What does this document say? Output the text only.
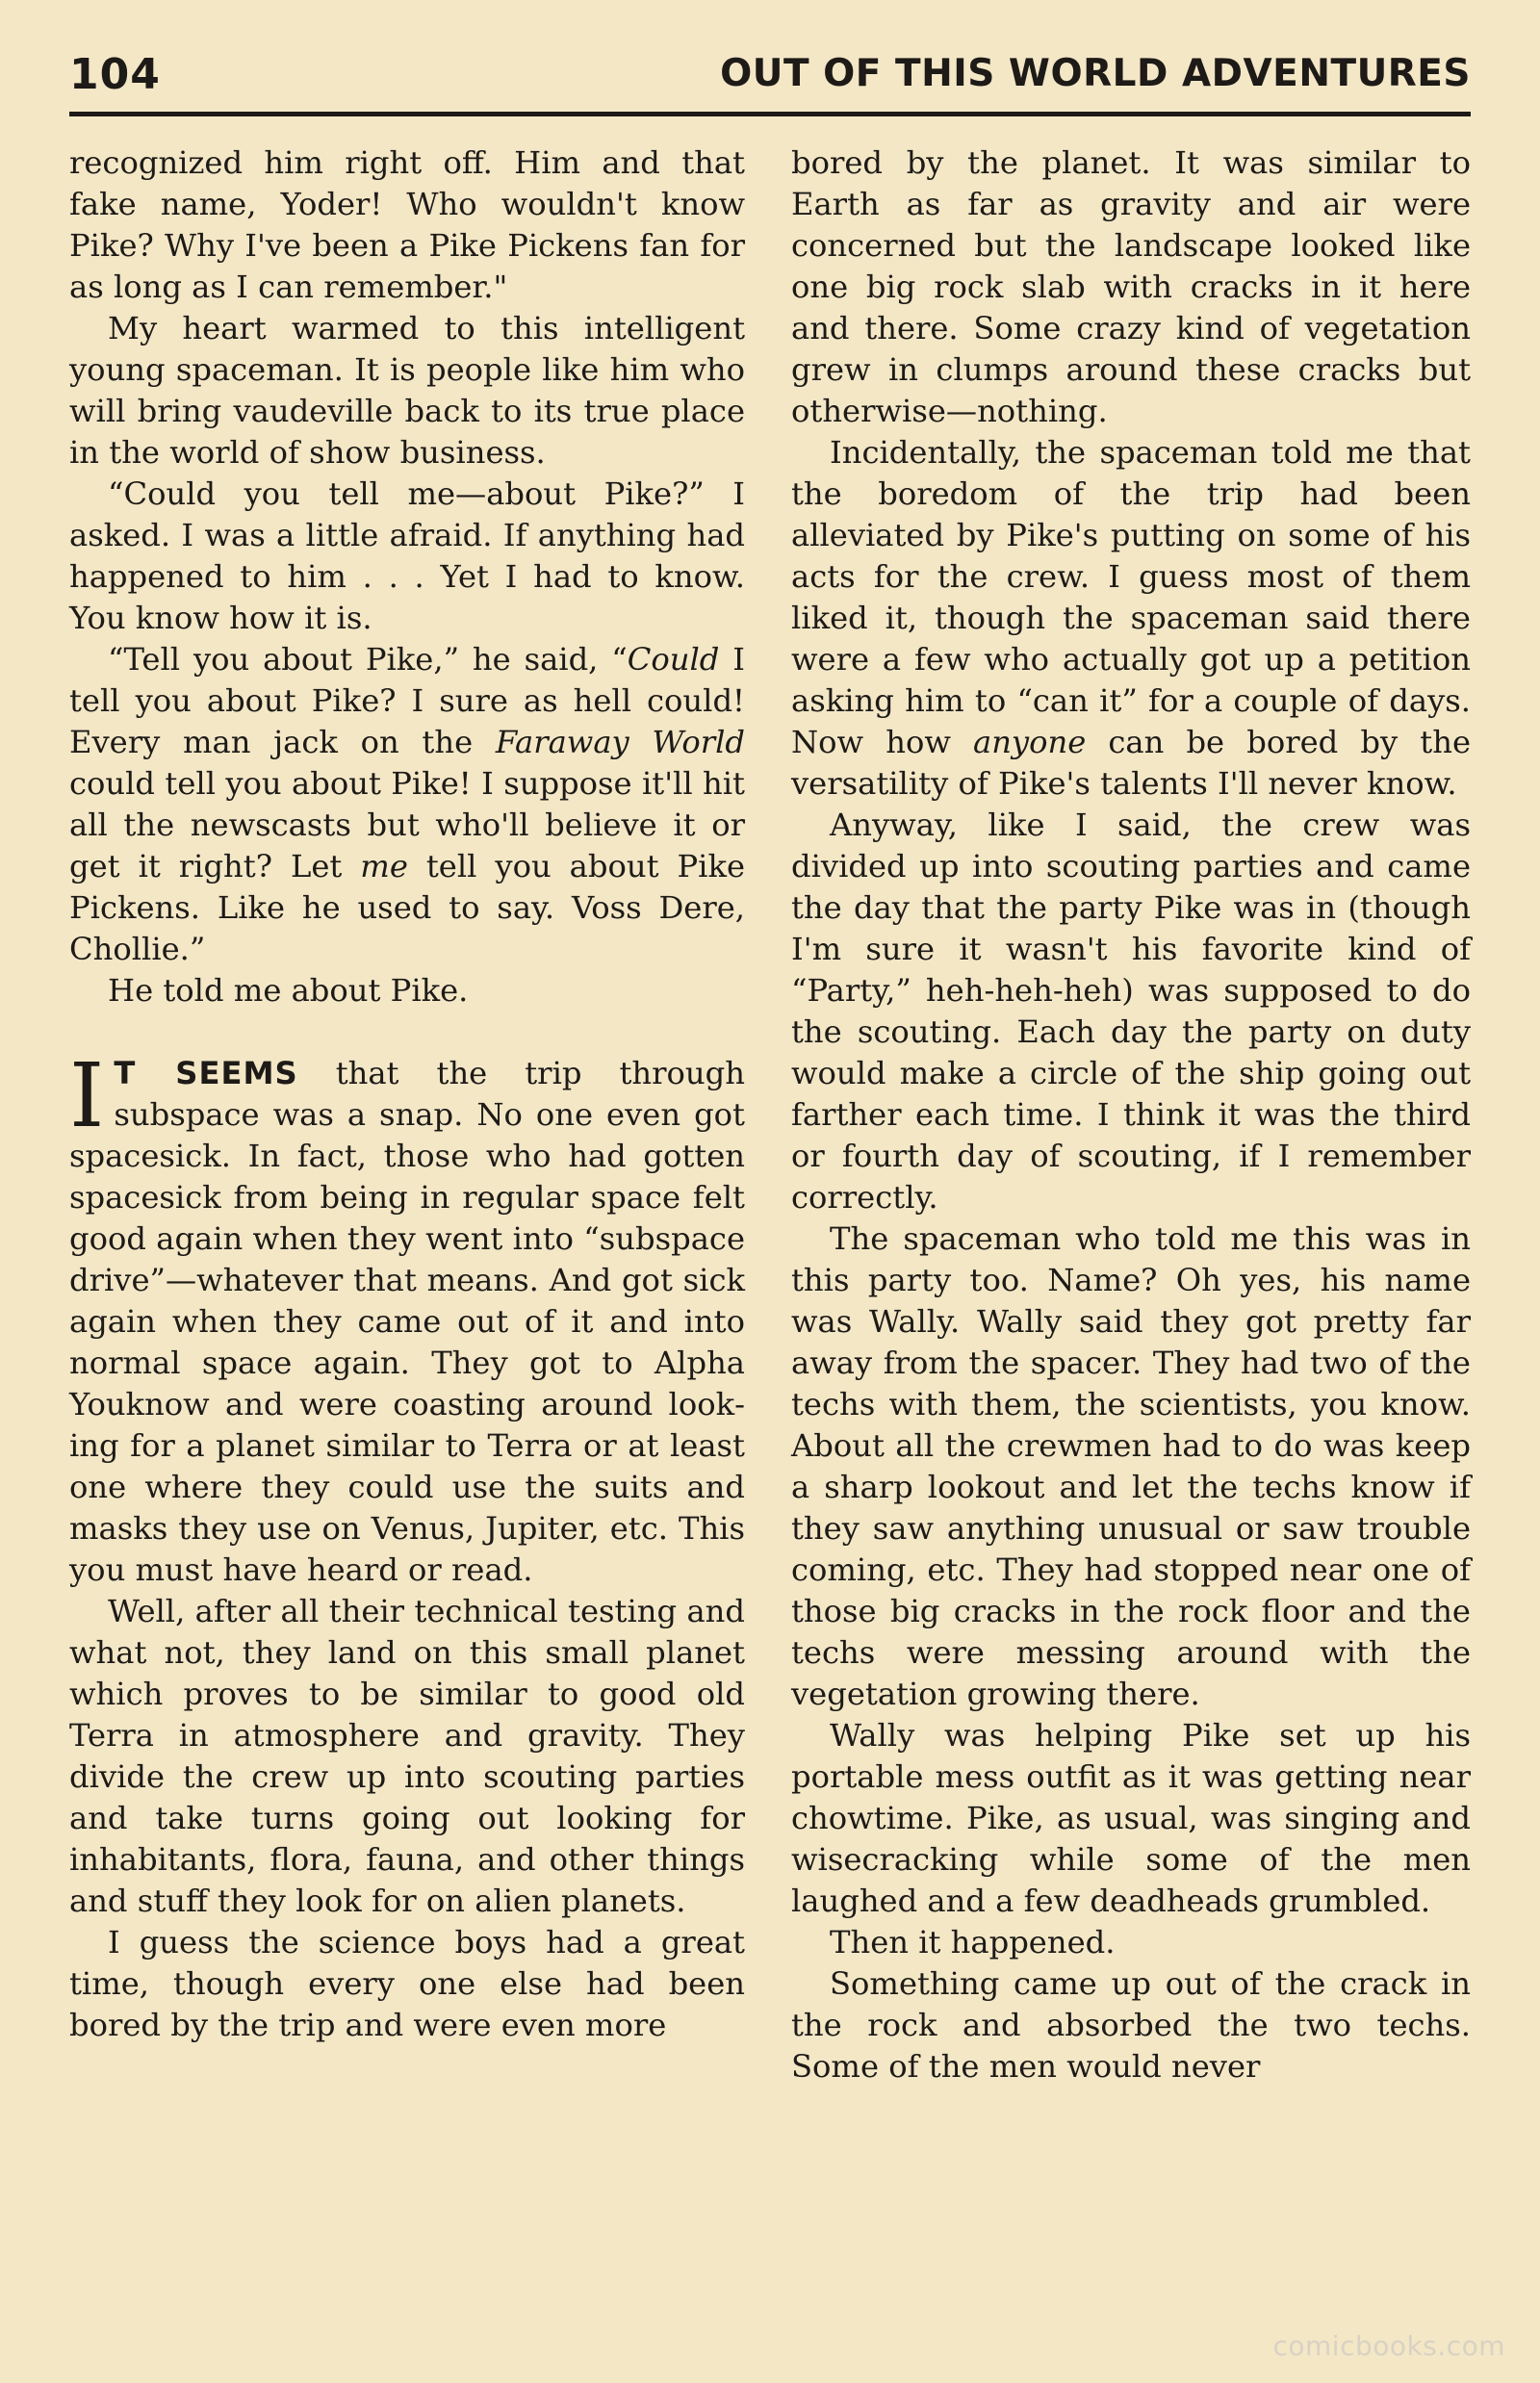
104	OUT OF THIS WORLD ADVENTURES

recognized him right off. Him and that fake name, Yoder! Who wouldn't know Pike? Why I've been a Pike Pickens fan for as long as I can remember."

My heart warmed to this intelligent young spaceman. It is people like him who will bring vaudeville back to its true place in the world of show business.

“Could you tell me—about Pike?” I asked. I was a little afraid. If anything had happened to him . . . Yet I had to know. You know how it is.

“Tell you about Pike,” he said, “Could I tell you about Pike? I sure as hell could! Every man jack on the Faraway World could tell you about Pike! I suppose it'll hit all the newscasts but who'll believe it or get it right? Let me tell you about Pike Pickens. Like he used to say. Voss Dere, Chollie.”

He told me about Pike.

I T SEEMS that the trip through subspace was a snap. No one even got spacesick. In fact, those who had gotten spacesick from being in regular space felt good again when they went into “subspace drive”—whatever that means. And got sick again when they came out of it and into normal space again. They got to Alpha Youknow and were coasting around looking for a planet similar to Terra or at least one where they could use the suits and masks they use on Venus, Jupiter, etc. This you must have heard or read.

Well, after all their technical testing and what not, they land on this small planet which proves to be similar to good old Terra in atmosphere and gravity. They divide the crew up into scouting parties and take turns going out looking for inhabitants, flora, fauna, and other things and stuff they look for on alien planets.

I guess the science boys had a great time, though every one else had been bored by the trip and were even more

bored by the planet. It was similar to Earth as far as gravity and air were concerned but the landscape looked like one big rock slab with cracks in it here and there. Some crazy kind of vegetation grew in clumps around these cracks but otherwise—nothing.

Incidentally, the spaceman told me that the boredom of the trip had been alleviated by Pike's putting on some of his acts for the crew. I guess most of them liked it, though the spaceman said there were a few who actually got up a petition asking him to “can it” for a couple of days. Now how anyone can be bored by the versatility of Pike's talents I'll never know.

Anyway, like I said, the crew was divided up into scouting parties and came the day that the party Pike was in (though I'm sure it wasn't his favorite kind of “Party,” heh-heh-heh) was supposed to do the scouting. Each day the party on duty would make a circle of the ship going out farther each time. I think it was the third or fourth day of scouting, if I remember correctly.

The spaceman who told me this was in this party too. Name? Oh yes, his name was Wally. Wally said they got pretty far away from the spacer. They had two of the techs with them, the scientists, you know. About all the crewmen had to do was keep a sharp lookout and let the techs know if they saw anything unusual or saw trouble coming, etc. They had stopped near one of those big cracks in the rock floor and the techs were messing around with the vegetation growing there.

Wally was helping Pike set up his portable mess outfit as it was getting near chowtime. Pike, as usual, was singing and wisecracking while some of the men laughed and a few deadheads grumbled.

Then it happened.

Something came up out of the crack in the rock and absorbed the two techs. Some of the men would never

comicbooks.com
